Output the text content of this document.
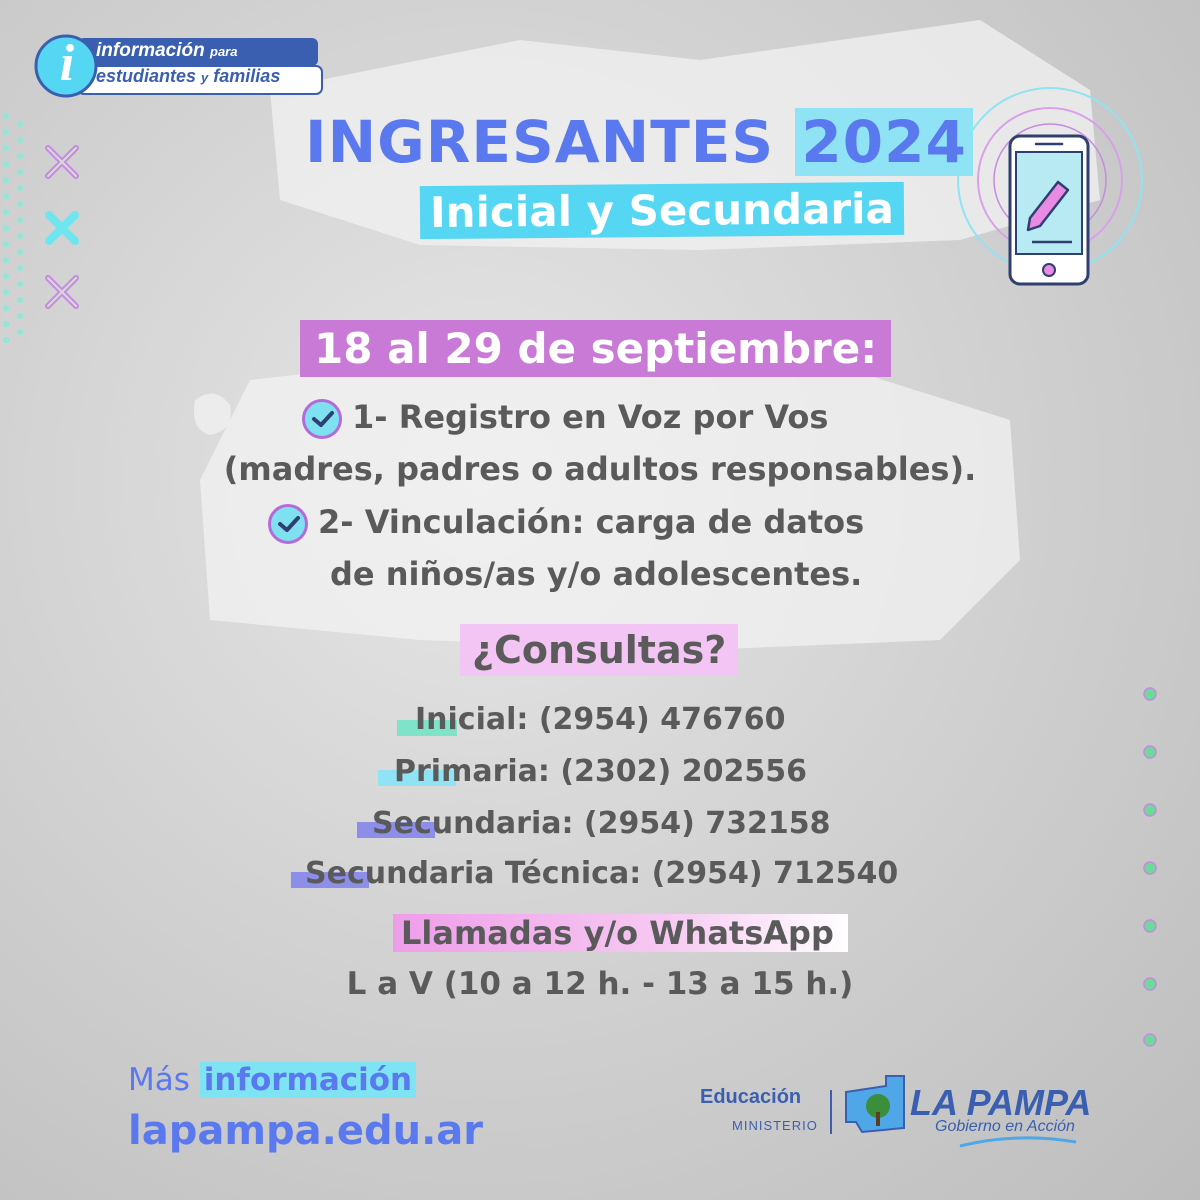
i	información para
estudiantes y familias
INGRESANTES 2024
Inicial y Secundaria
18 al 29 de septiembre:
1- Registro en Voz por Vos
(madres, padres o adultos responsables).
2- Vinculación: carga de datos
de niños/as y/o adolescentes.
¿Consultas?
Inicial: (2954) 476760
Primaria: (2302) 202556
Secundaria: (2954) 732158
Secundaria Técnica: (2954) 712540
Llamadas y/o WhatsApp
L a V (10 a 12 h. - 13 a 15 h.)
Más información
lapampa.edu.ar
Educación
MINISTERIO
LA PAMPA
Gobierno en Acción
